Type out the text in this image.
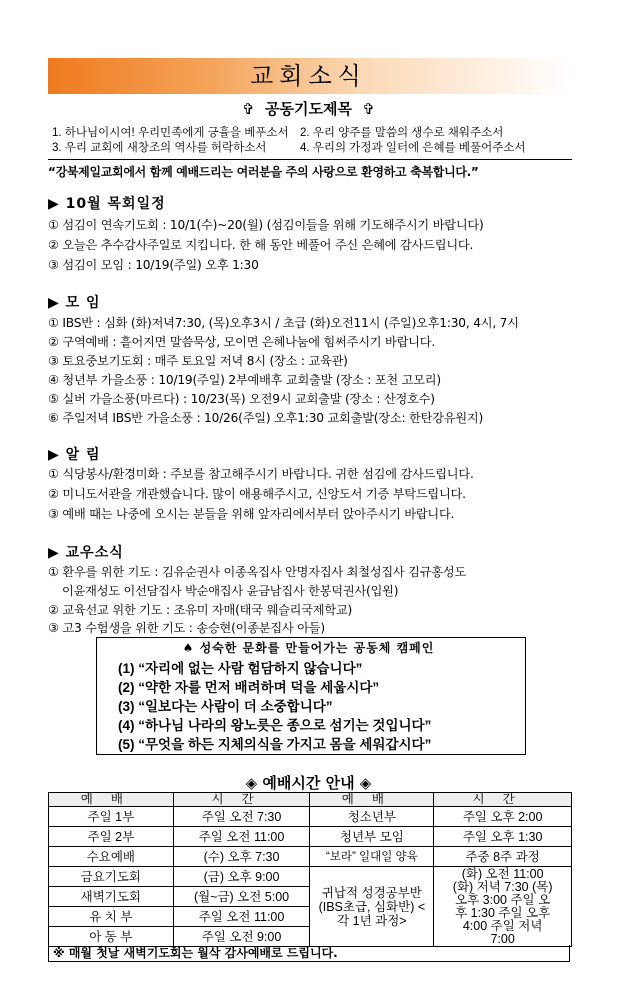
교회소식
✞ 공동기도제목 ✞
1. 하나님이시여! 우리민족에게 긍휼을 베푸소서 2. 우리 양주를 말씀의 생수로 채워주소서
3. 우리 교회에 새창조의 역사를 허락하소서	4. 우리의 가정과 일터에 은혜를 베풀어주소서
“강북제일교회에서 함께 예배드리는 여러분을 주의 사랑으로 환영하고 축복합니다.”
▶ 10월 목회일정
① 섬김이 연속기도회 : 10/1(수)~20(월) (섬김이들을 위해 기도해주시기 바랍니다)
② 오늘은 추수감사주일로 지킵니다. 한 해 동안 베풀어 주신 은혜에 감사드립니다.
③ 섬김이 모임 : 10/19(주일) 오후 1:30
▶ 모 임
① IBS반 : 심화 (화)저녁7:30, (목)오후3시 / 초급 (화)오전11시 (주일)오후1:30, 4시, 7시
② 구역예배 : 흩어지면 말씀묵상, 모이면 은혜나눔에 힘써주시기 바랍니다.
③ 토요중보기도회 : 매주 토요일 저녁 8시 (장소 : 교육관)
④ 청년부 가을소풍 : 10/19(주일) 2부예배후 교회출발 (장소 : 포천 고모리)
⑤ 실버 가을소풍(마르다) : 10/23(목) 오전9시 교회출발 (장소 : 산정호수)
⑥ 주일저녁 IBS반 가을소풍 : 10/26(주일) 오후1:30 교회출발(장소: 한탄강유원지)
▶ 알 림
① 식당봉사/환경미화 : 주보를 참고해주시기 바랍니다. 귀한 섬김에 감사드립니다.
② 미니도서관을 개관했습니다. 많이 애용해주시고, 신앙도서 기증 부탁드립니다.
③ 예배 때는 나중에 오시는 분들을 위해 앞자리에서부터 앉아주시기 바랍니다.
▶ 교우소식
① 환우를 위한 기도 : 김유순권사 이종옥집사 안명자집사 최철성집사 김규홍성도
이윤재성도 이선담집사 박순애집사 윤금남집사 한봉덕권사(입원)
② 교육선교 위한 기도 : 조유미 자매(태국 웨슬리국제학교)
③ 고3 수험생을 위한 기도 : 송승현(이종분집사 아들)
♠ 성숙한 문화를 만들어가는 공동체 캠페인
(1) “자리에 없는 사람 험담하지 않습니다”
(2) “약한 자를 먼저 배려하며 덕을 세웁시다”
(3) “일보다는 사람이 더 소중합니다”
(4) “하나님 나라의 왕노릇은 종으로 섬기는 것입니다”
(5) “무엇을 하든 지체의식을 가지고 몸을 세워갑시다”
◈ 예배시간 안내 ◈
예배	시간	예배	시간
주일 1부	주일 오전 7:30	청소년부	주일 오후 2:00
주일 2부	주일 오전 11:00	청년부 모임	주일 오후 1:30
수요예배	(수) 오후 7:30	“보라” 일대일 양육	주중 8주 과정
금요기도회	(금) 오후 9:00	귀납적 성경공부반 (IBS초급, 심화반) <각 1년 과정>	(화) 오전 11:00 (화) 저녁 7:30 (목) 오후 3:00 주일 오후 1:30 주일 오후 4:00 주일 저녁 7:00
새벽기도회	(월~금) 오전 5:00		
유 치 부	주일 오전 11:00		
아 동 부	주일 오전 9:00		
※ 매월 첫날 새벽기도회는 월삭 감사예배로 드립니다.
